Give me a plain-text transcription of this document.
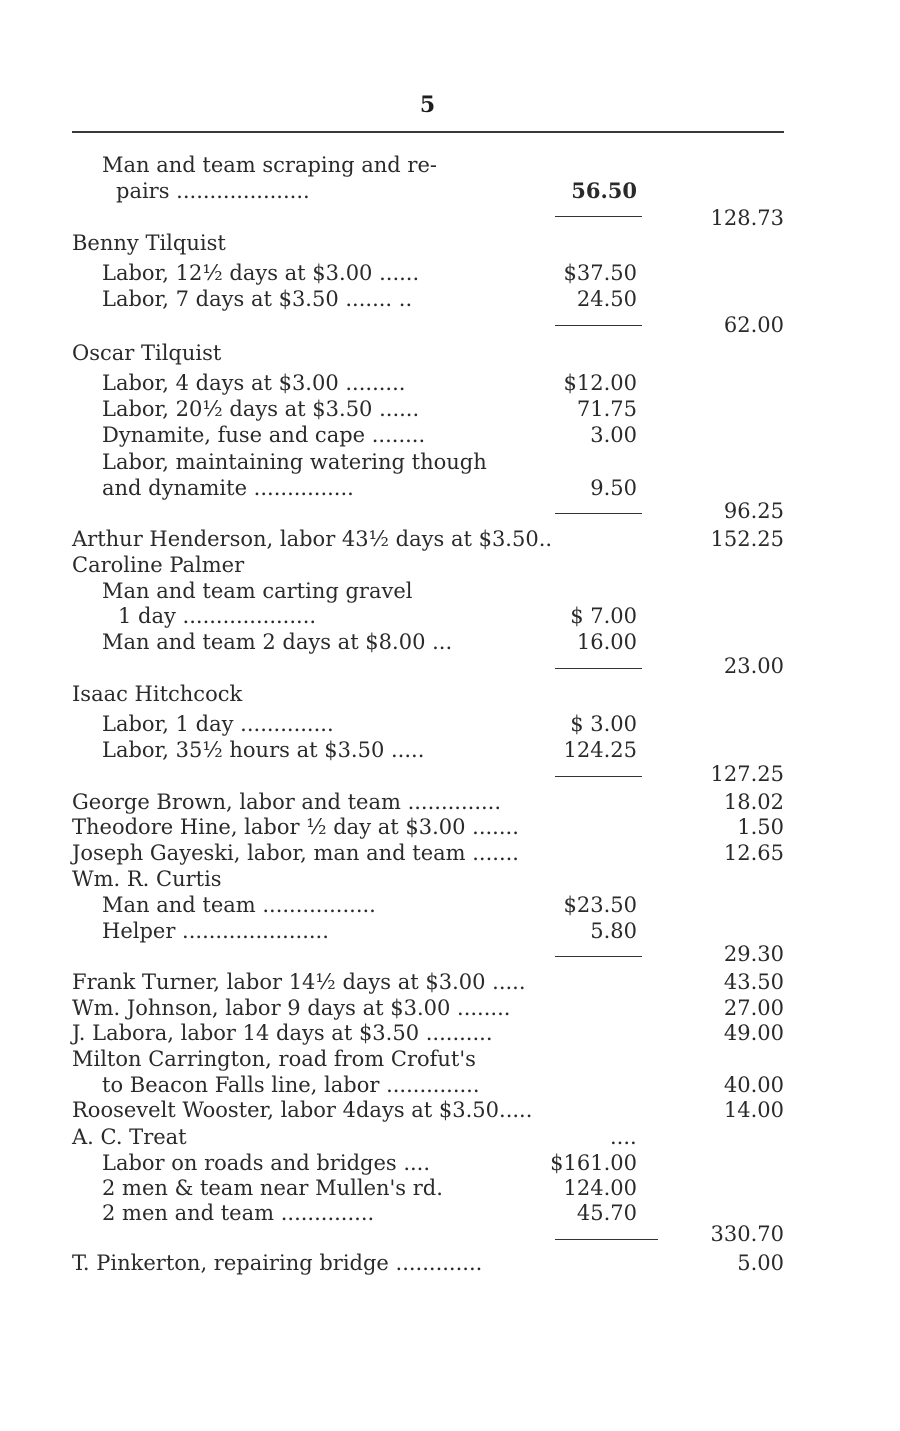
5
Man and team scraping and re-
pairs ....................	56.50
128.73
Benny Tilquist
Labor, 12½ days at $3.00 ......	$37.50
Labor, 7 days at $3.50 ....... ..	24.50
62.00
Oscar Tilquist
Labor, 4 days at $3.00 .........	$12.00
Labor, 20½ days at $3.50 ......	71.75
Dynamite, fuse and cape ........	3.00
Labor, maintaining watering though
and dynamite ...............	9.50
96.25
Arthur Henderson, labor 43½ days at $3.50..	152.25
Caroline Palmer
Man and team carting gravel
1 day ....................	$ 7.00
Man and team 2 days at $8.00 ...	16.00
23.00
Isaac Hitchcock
Labor, 1 day ..............	$ 3.00
Labor, 35½ hours at $3.50 .....	124.25
127.25
George Brown, labor and team ..............	18.02
Theodore Hine, labor ½ day at $3.00 .......	1.50
Joseph Gayeski, labor, man and team .......	12.65
Wm. R. Curtis
Man and team .................	$23.50
Helper ......................	5.80
29.30
Frank Turner, labor 14½ days at $3.00 .....	43.50
Wm. Johnson, labor 9 days at $3.00 ........	27.00
J. Labora, labor 14 days at $3.50 ..........	49.00
Milton Carrington, road from Crofut's
to Beacon Falls line, labor ..............	40.00
Roosevelt Wooster, labor 4days at $3.50.....	14.00
A. C. Treat	....
Labor on roads and bridges ....	$161.00
2 men & team near Mullen's rd.	124.00
2 men and team ..............	45.70
330.70
T. Pinkerton, repairing bridge .............	5.00
